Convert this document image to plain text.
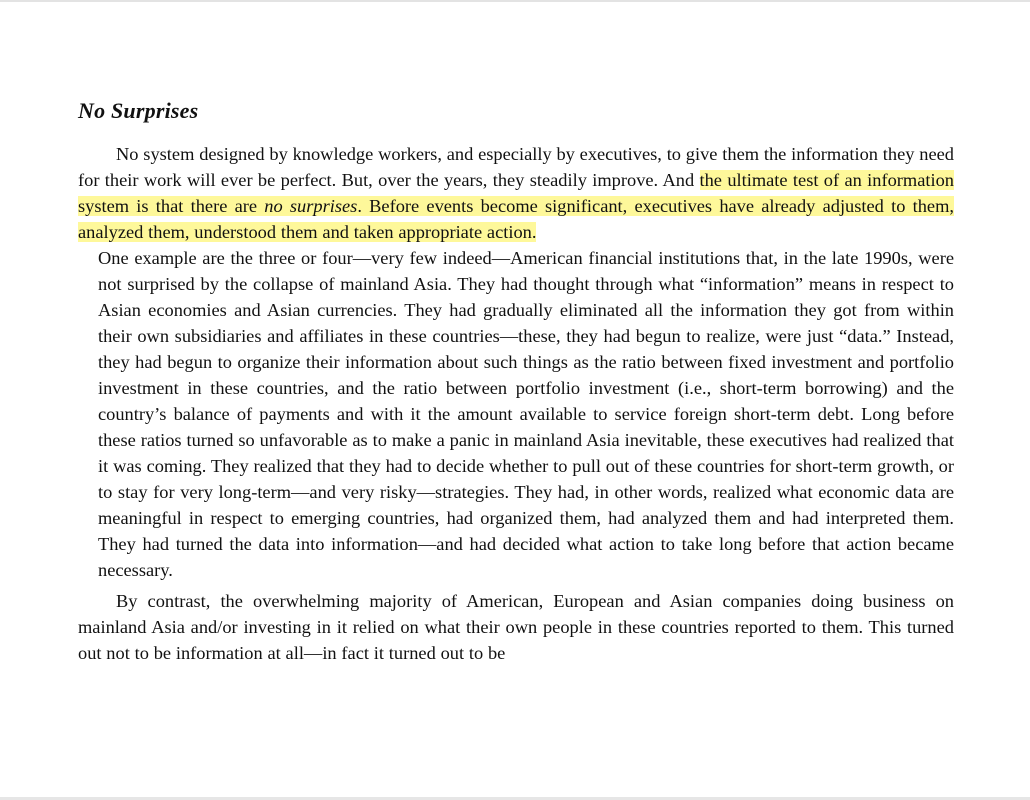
No Surprises

No system designed by knowledge workers, and especially by executives, to give them the information they need for their work will ever be perfect. But, over the years, they steadily improve. And the ultimate test of an information system is that there are no surprises. Before events become significant, executives have already adjusted to them, analyzed them, understood them and taken appropriate action.

One example are the three or four—very few indeed—American financial institutions that, in the late 1990s, were not surprised by the collapse of mainland Asia. They had thought through what “information” means in respect to Asian economies and Asian currencies. They had gradually eliminated all the information they got from within their own subsidiaries and affiliates in these countries—these, they had begun to realize, were just “data.” Instead, they had begun to organize their information about such things as the ratio between fixed investment and portfolio investment in these countries, and the ratio between portfolio investment (i.e., short-term borrowing) and the country’s balance of payments and with it the amount available to service foreign short-term debt. Long before these ratios turned so unfavorable as to make a panic in mainland Asia inevitable, these executives had realized that it was coming. They realized that they had to decide whether to pull out of these countries for short-term growth, or to stay for very long-term—and very risky—strategies. They had, in other words, realized what economic data are meaningful in respect to emerging countries, had organized them, had analyzed them and had interpreted them. They had turned the data into information—and had decided what action to take long before that action became necessary.

By contrast, the overwhelming majority of American, European and Asian companies doing business on mainland Asia and/or investing in it relied on what their own people in these countries reported to them. This turned out not to be information at all—in fact it turned out to be
